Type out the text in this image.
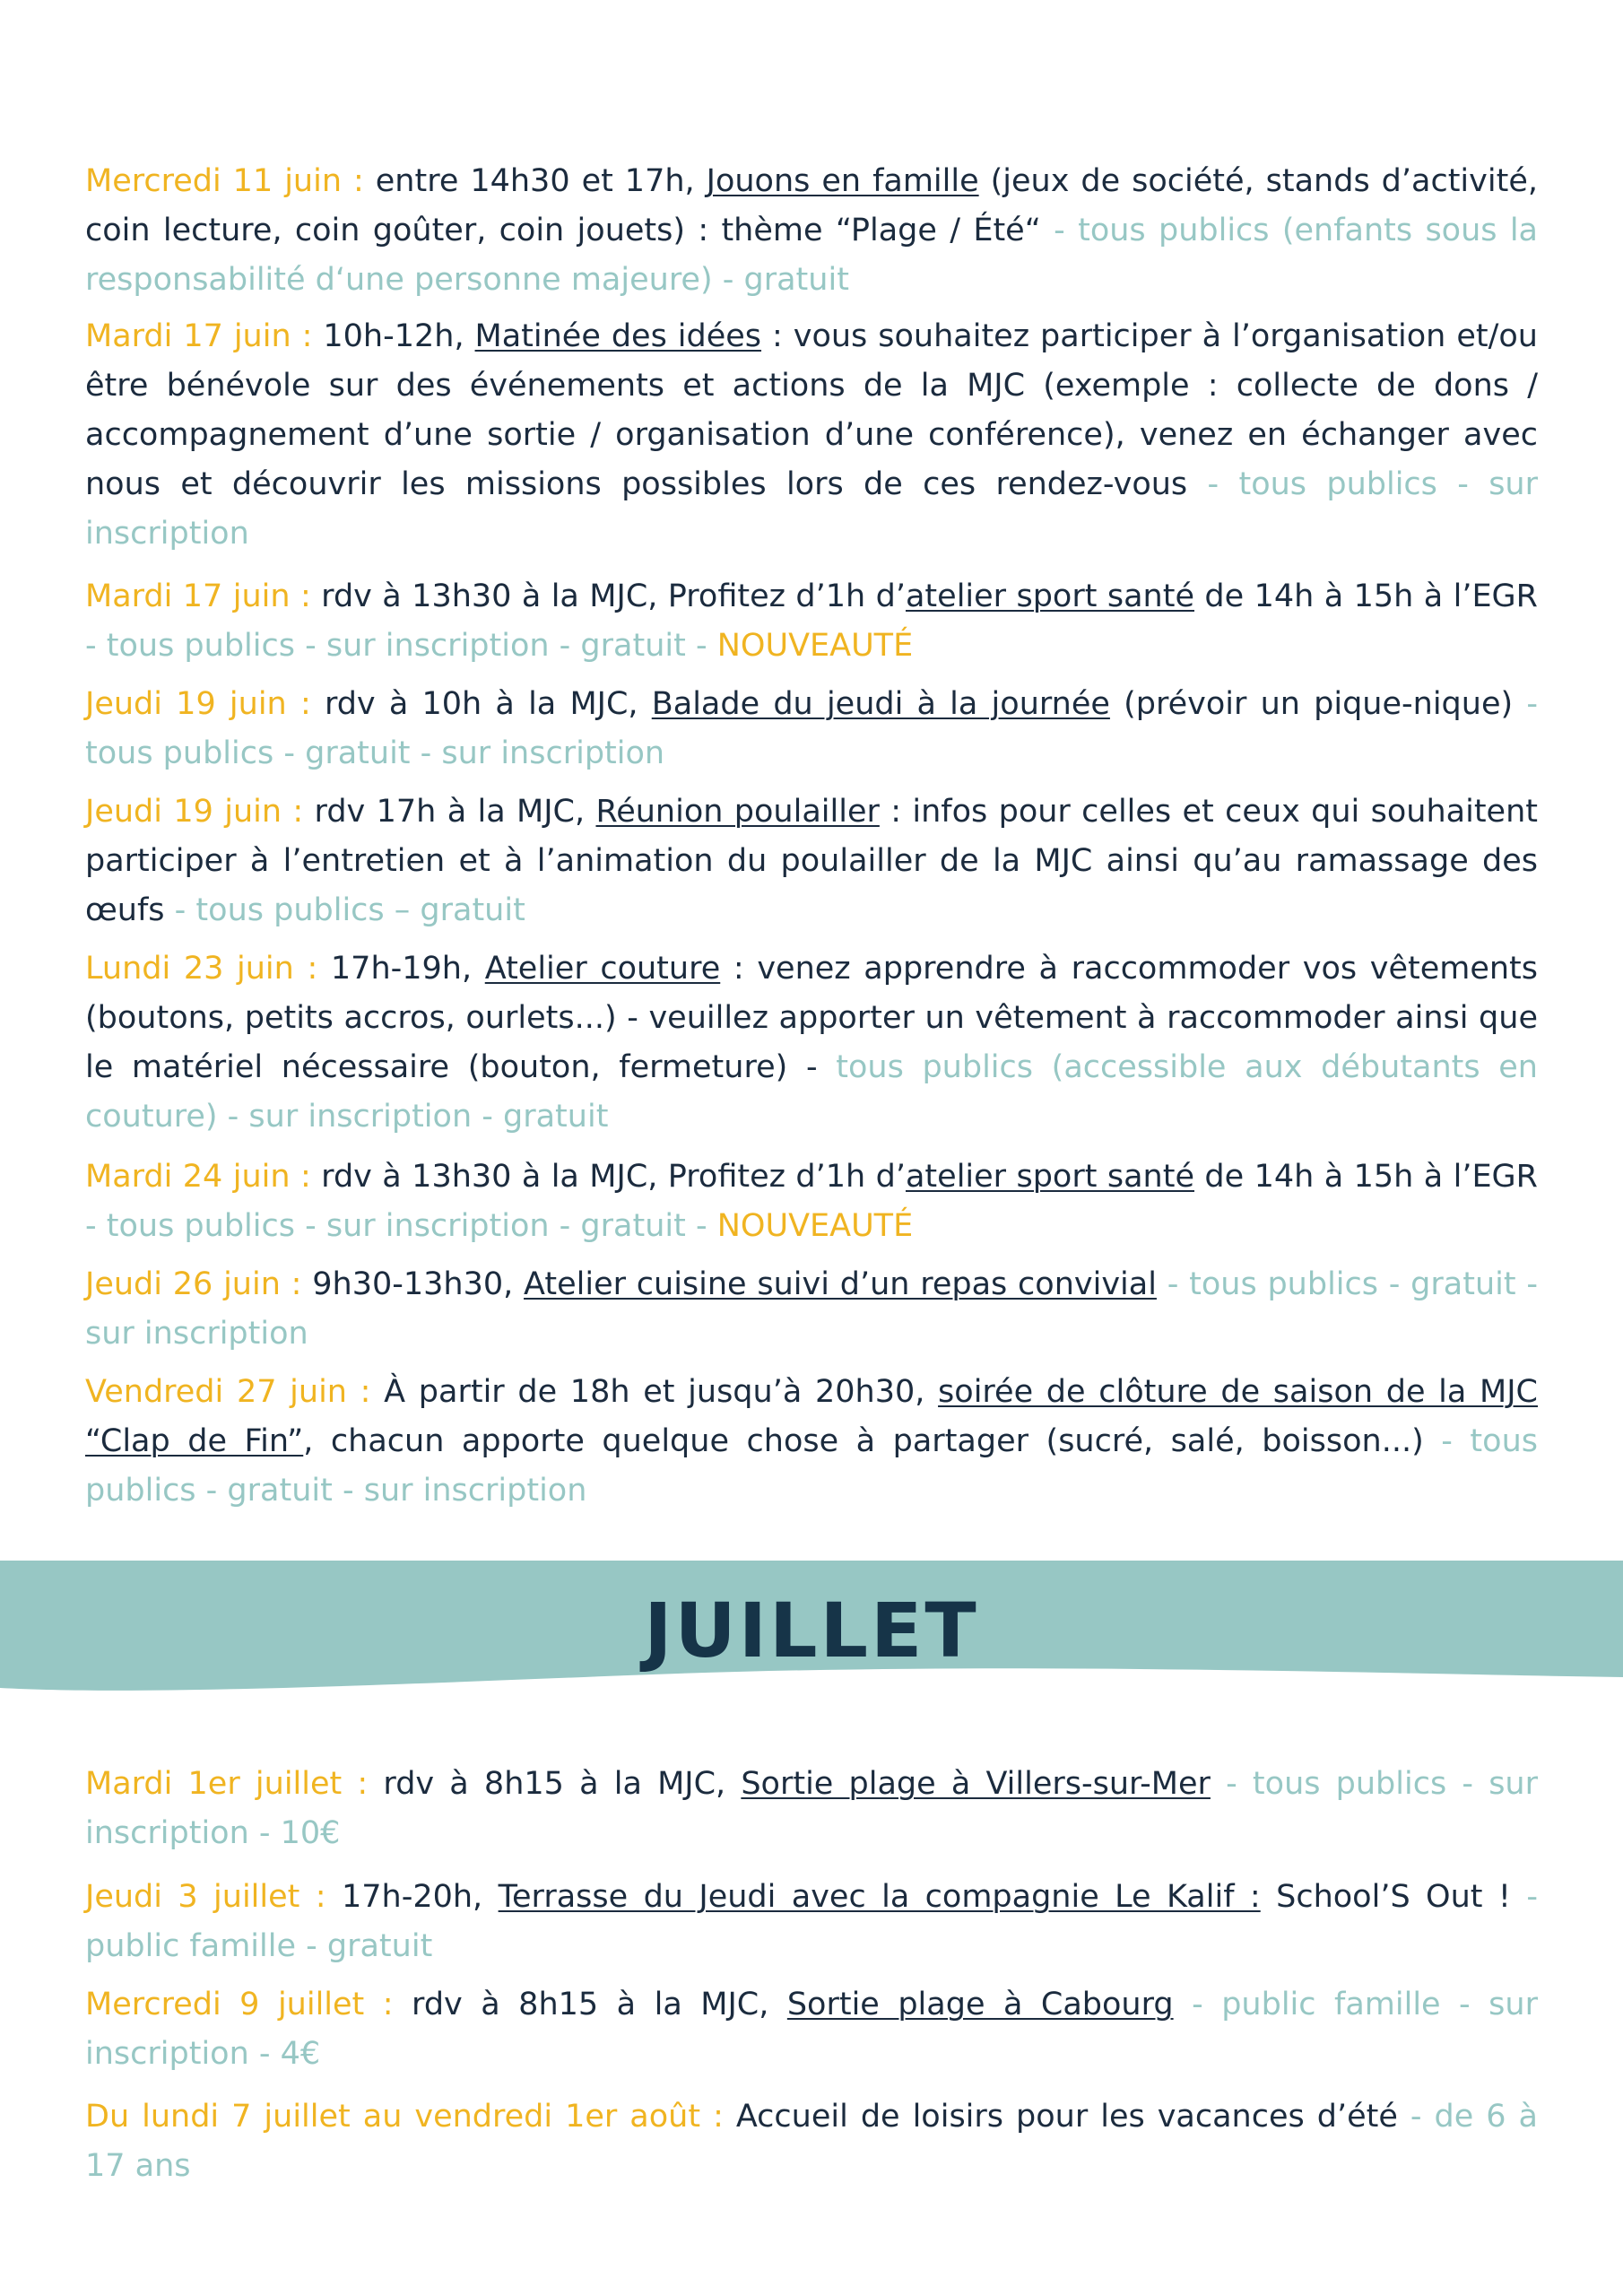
Mercredi 11 juin : entre 14h30 et 17h, Jouons en famille (jeux de société, stands d’activité, coin lecture, coin goûter, coin jouets) : thème “Plage / Été“ - tous publics (enfants sous la responsabilité d‘une personne majeure) - gratuit

Mardi 17 juin : 10h-12h, Matinée des idées : vous souhaitez participer à l’organisation et/ou être bénévole sur des événements et actions de la MJC (exemple : collecte de dons / accompagnement d’une sortie / organisation d’une conférence), venez en échanger avec nous et découvrir les missions possibles lors de ces rendez-vous - tous publics - sur inscription

Mardi 17 juin : rdv à 13h30 à la MJC, Profitez d’1h d’atelier sport santé de 14h à 15h à l’EGR - tous publics - sur inscription - gratuit - NOUVEAUTÉ

Jeudi 19 juin : rdv à 10h à la MJC, Balade du jeudi à la journée (prévoir un pique-nique) - tous publics - gratuit - sur inscription

Jeudi 19 juin : rdv 17h à la MJC, Réunion poulailler : infos pour celles et ceux qui souhaitent participer à l’entretien et à l’animation du poulailler de la MJC ainsi qu’au ramassage des œufs - tous publics – gratuit

Lundi 23 juin : 17h-19h, Atelier couture : venez apprendre à raccommoder vos vêtements (boutons, petits accros, ourlets...) - veuillez apporter un vêtement à raccommoder ainsi que le matériel nécessaire (bouton, fermeture) - tous publics (accessible aux débutants en couture) - sur inscription - gratuit

Mardi 24 juin : rdv à 13h30 à la MJC, Profitez d’1h d’atelier sport santé de 14h à 15h à l’EGR - tous publics - sur inscription - gratuit - NOUVEAUTÉ

Jeudi 26 juin : 9h30-13h30, Atelier cuisine suivi d’un repas convivial - tous publics - gratuit - sur inscription

Vendredi 27 juin : À partir de 18h et jusqu’à 20h30, soirée de clôture de saison de la MJC “Clap de Fin”, chacun apporte quelque chose à partager (sucré, salé, boisson...) - tous publics - gratuit - sur inscription

JUILLET

Mardi 1er juillet : rdv à 8h15 à la MJC, Sortie plage à Villers-sur-Mer - tous publics - sur inscription - 10€

Jeudi 3 juillet : 17h-20h, Terrasse du Jeudi avec la compagnie Le Kalif : School’S Out ! - public famille - gratuit

Mercredi 9 juillet : rdv à 8h15 à la MJC, Sortie plage à Cabourg - public famille - sur inscription - 4€

Du lundi 7 juillet au vendredi 1er août : Accueil de loisirs pour les vacances d’été - de 6 à 17 ans
